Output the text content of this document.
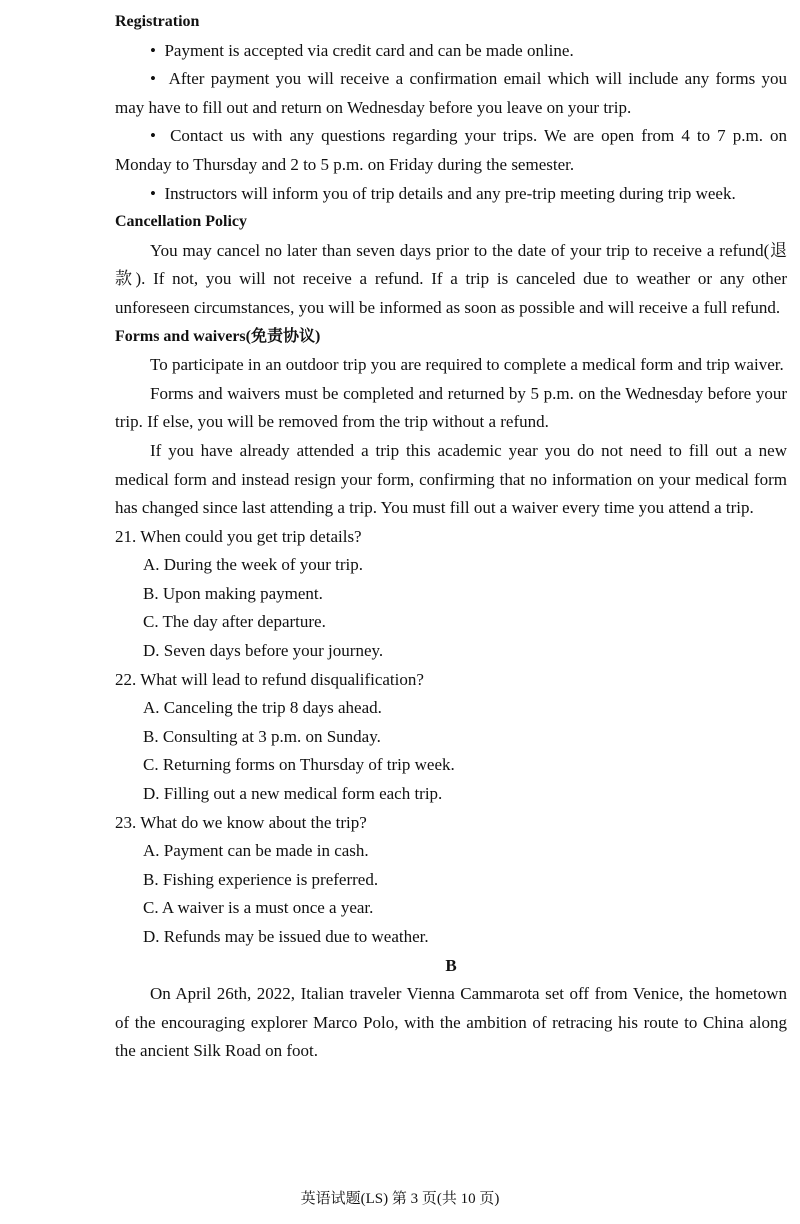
Registration

•  Payment is accepted via credit card and can be made online.

•  After payment you will receive a confirmation email which will include any forms you may have to fill out and return on Wednesday before you leave on your trip.

•  Contact us with any questions regarding your trips. We are open from 4 to 7 p.m. on Monday to Thursday and 2 to 5 p.m. on Friday during the semester.

•  Instructors will inform you of trip details and any pre-trip meeting during trip week.

Cancellation Policy

You may cancel no later than seven days prior to the date of your trip to receive a refund(退款). If not, you will not receive a refund. If a trip is canceled due to weather or any other unforeseen circumstances, you will be informed as soon as possible and will receive a full refund.

Forms and waivers(免责协议)

To participate in an outdoor trip you are required to complete a medical form and trip waiver.

Forms and waivers must be completed and returned by 5 p.m. on the Wednesday before your trip. If else, you will be removed from the trip without a refund.

If you have already attended a trip this academic year you do not need to fill out a new medical form and instead resign your form, confirming that no information on your medical form has changed since last attending a trip. You must fill out a waiver every time you attend a trip.

21. When could you get trip details?
A. During the week of your trip.
B. Upon making payment.
C. The day after departure.
D. Seven days before your journey.
22. What will lead to refund disqualification?
A. Canceling the trip 8 days ahead.
B. Consulting at 3 p.m. on Sunday.
C. Returning forms on Thursday of trip week.
D. Filling out a new medical form each trip.
23. What do we know about the trip?
A. Payment can be made in cash.
B. Fishing experience is preferred.
C. A waiver is a must once a year.
D. Refunds may be issued due to weather.
B

On April 26th, 2022, Italian traveler Vienna Cammarota set off from Venice, the hometown of the encouraging explorer Marco Polo, with the ambition of retracing his route to China along the ancient Silk Road on foot.

英语试题(LS) 第 3 页(共 10 页)
